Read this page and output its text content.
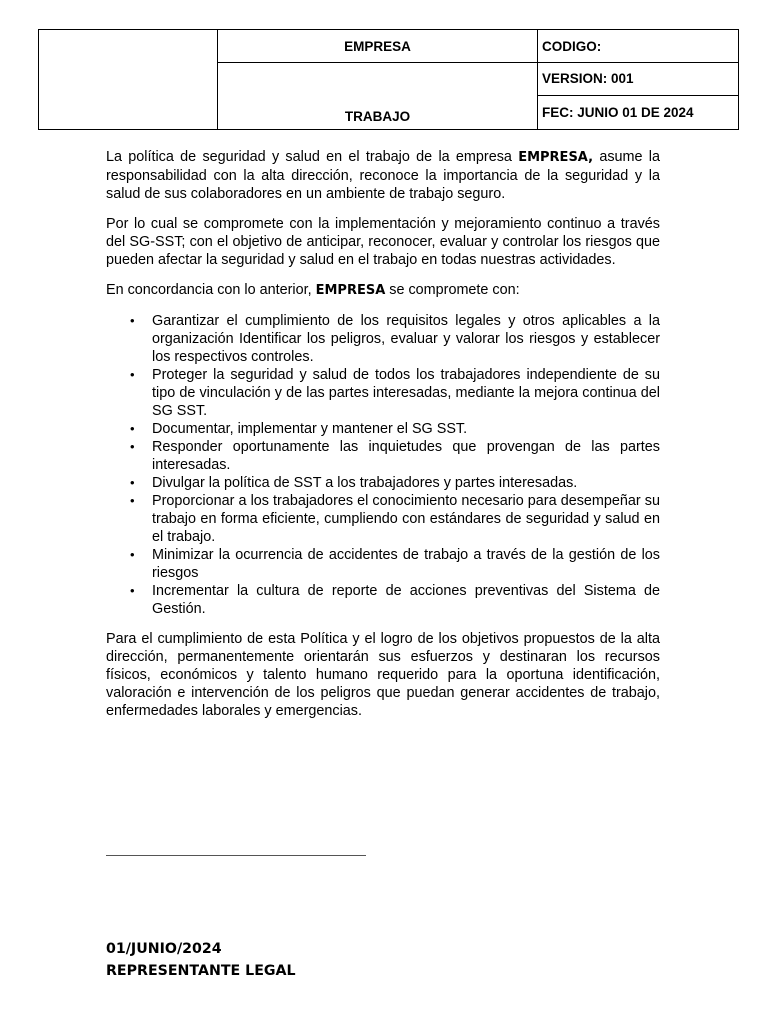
	EMPRESA	CODIGO:
	TRABAJO	VERSION: 001
		FEC: JUNIO 01 DE 2024

La política de seguridad y salud en el trabajo de la empresa EMPRESA, asume la responsabilidad con la alta dirección, reconoce la importancia de la seguridad y la salud de sus colaboradores en un ambiente de trabajo seguro.

Por lo cual se compromete con la implementación y mejoramiento continuo a través del SG-SST; con el objetivo de anticipar, reconocer, evaluar y controlar los riesgos que pueden afectar la seguridad y salud en el trabajo en todas nuestras actividades.

En concordancia con lo anterior, EMPRESA se compromete con:

• Garantizar el cumplimiento de los requisitos legales y otros aplicables a la organización Identificar los peligros, evaluar y valorar los riesgos y establecer los respectivos controles.
• Proteger la seguridad y salud de todos los trabajadores independiente de su tipo de vinculación y de las partes interesadas, mediante la mejora continua del SG SST.
• Documentar, implementar y mantener el SG SST.
• Responder oportunamente las inquietudes que provengan de las partes interesadas.
• Divulgar la política de SST a los trabajadores y partes interesadas.
• Proporcionar a los trabajadores el conocimiento necesario para desempeñar su trabajo en forma eficiente, cumpliendo con estándares de seguridad y salud en el trabajo.
• Minimizar la ocurrencia de accidentes de trabajo a través de la gestión de los riesgos
• Incrementar la cultura de reporte de acciones preventivas del Sistema de Gestión.

Para el cumplimiento de esta Política y el logro de los objetivos propuestos de la alta dirección, permanentemente orientarán sus esfuerzos y destinaran los recursos físicos, económicos y talento humano requerido para la oportuna identificación, valoración e intervención de los peligros que puedan generar accidentes de trabajo, enfermedades laborales y emergencias.

01/JUNIO/2024
REPRESENTANTE LEGAL
